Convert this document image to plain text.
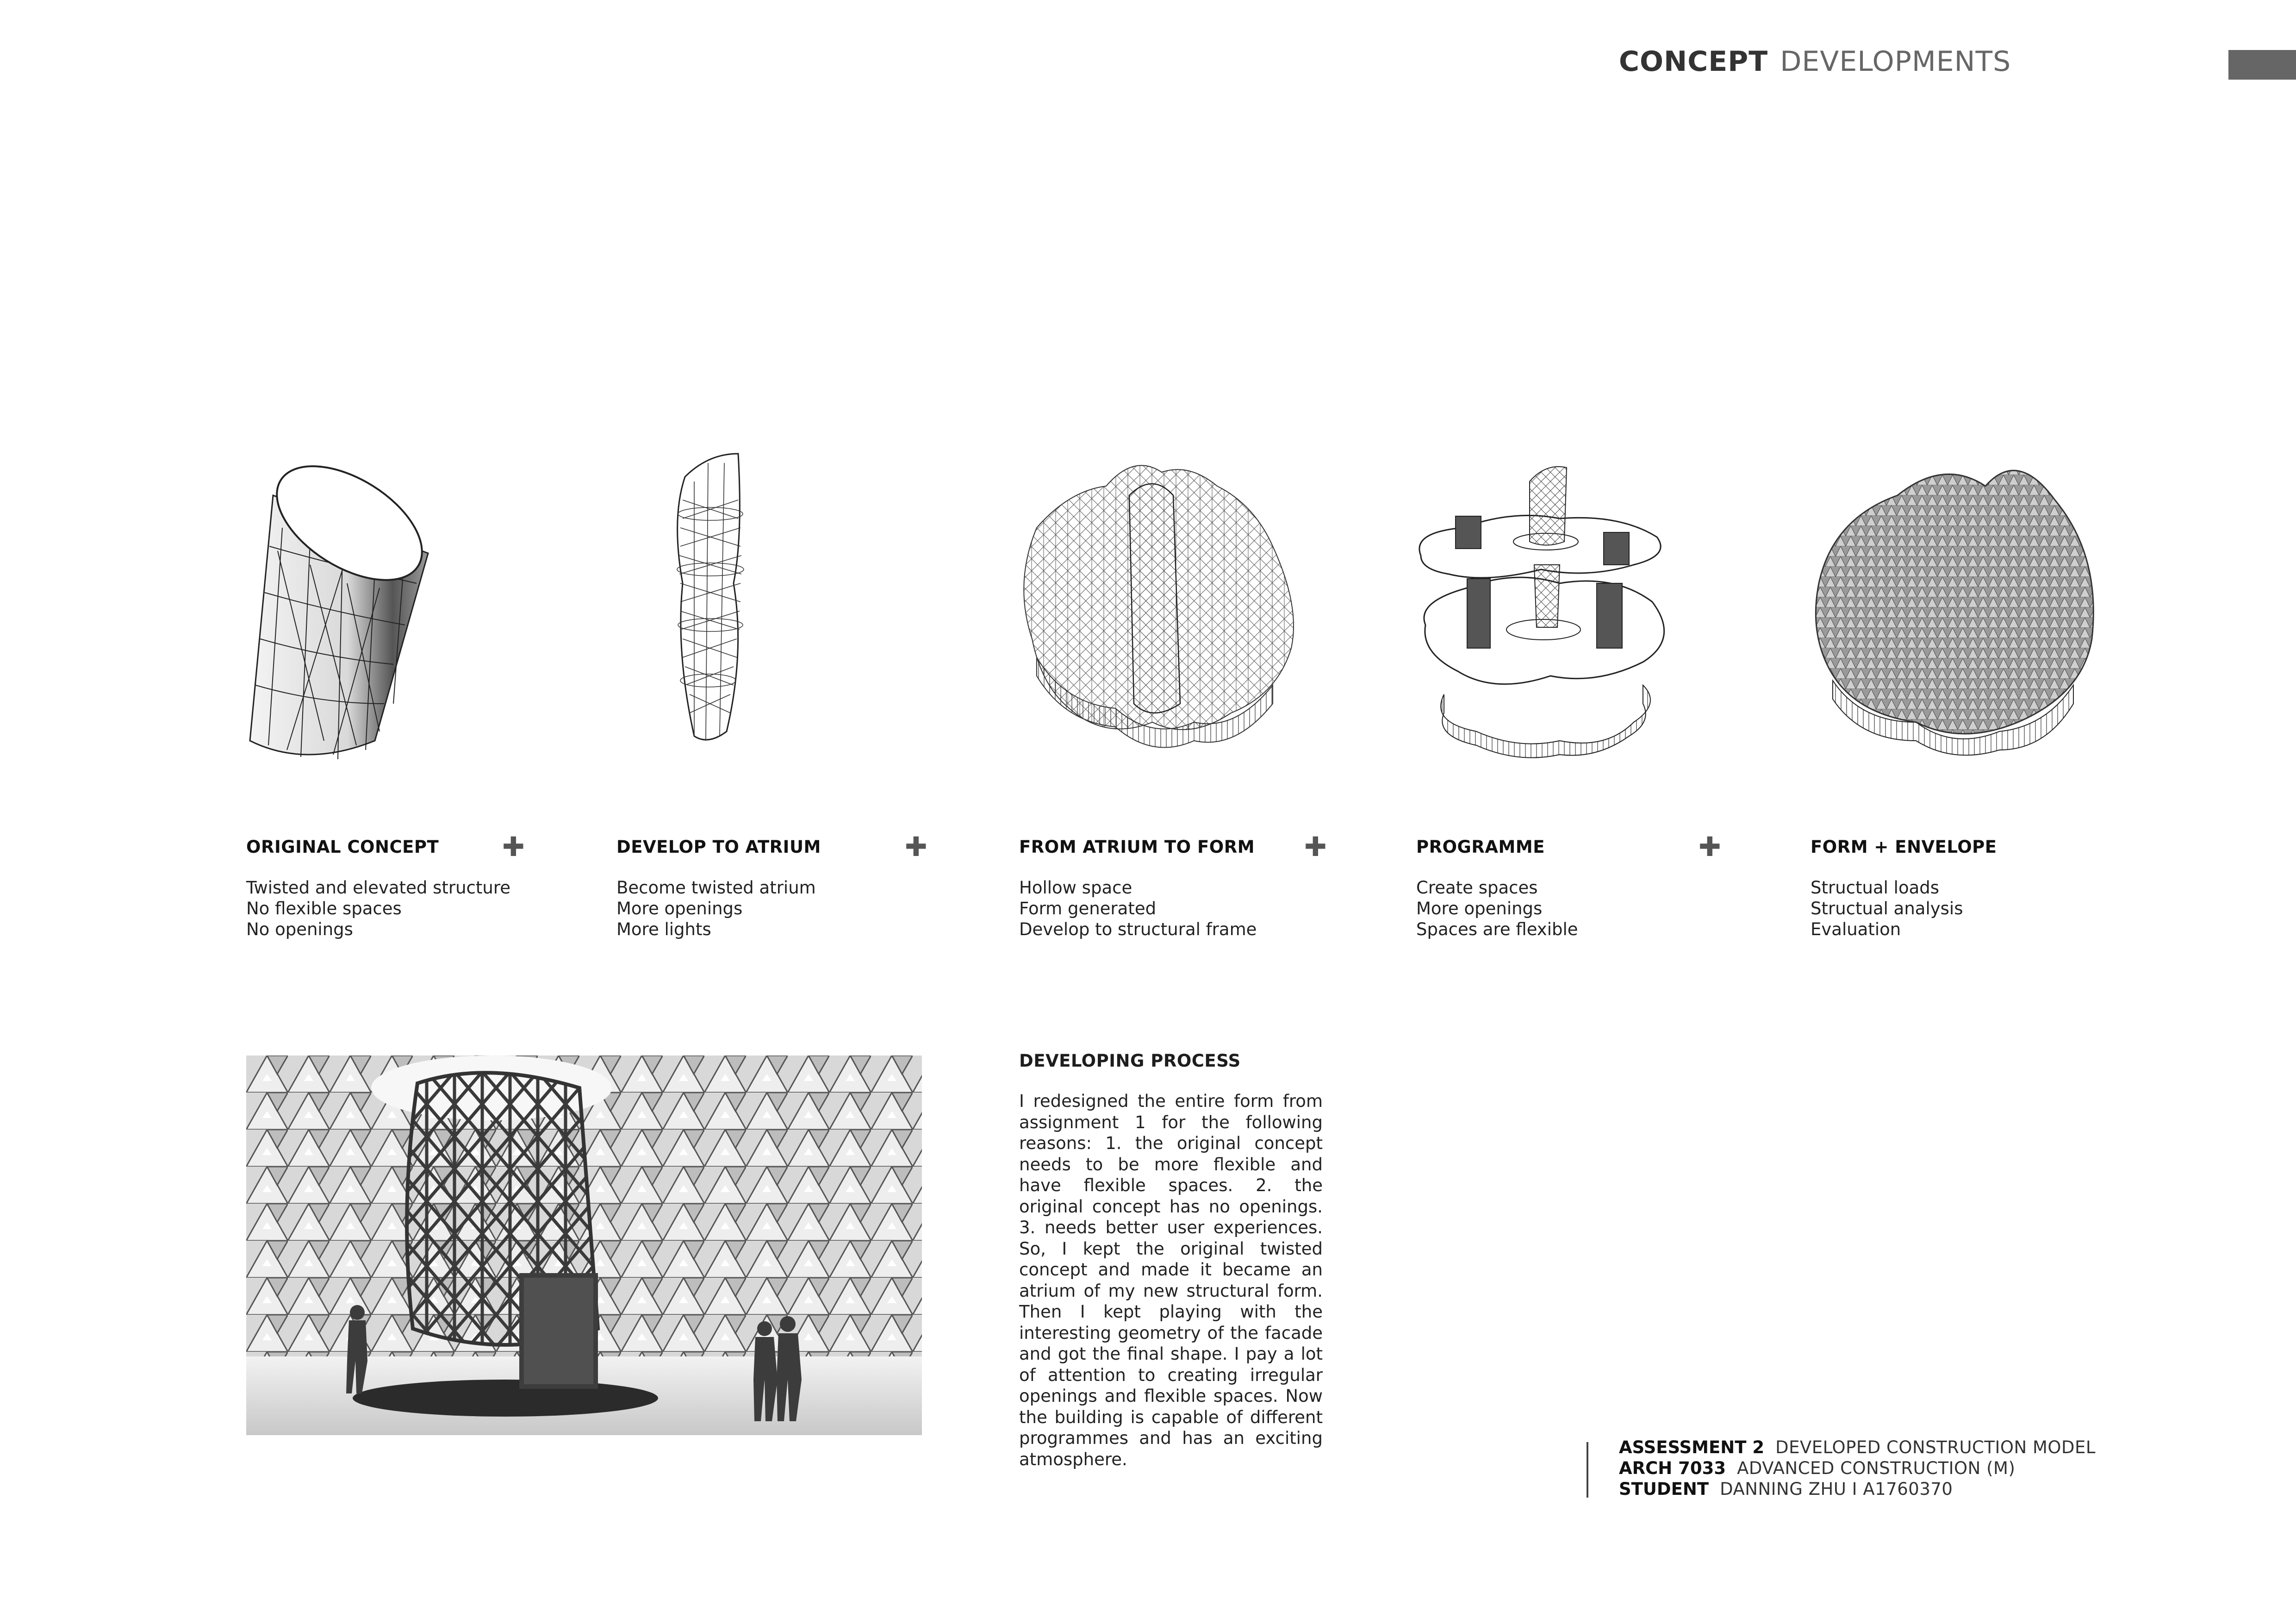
CONCEPT DEVELOPMENTS
ORIGINAL CONCEPT
Twisted and elevated structure
No flexible spaces
No openings
✚	DEVELOP TO ATRIUM
Become twisted atrium
More openings
More lights
✚	FROM ATRIUM TO FORM
Hollow space
Form generated
Develop to structural frame
✚	PROGRAMME
Create spaces
More openings
Spaces are flexible
✚	FORM + ENVELOPE
Structual loads
Structual analysis
Evaluation
DEVELOPING PROCESS
I redesigned the entire form from assignment 1 for the following reasons: 1. the original concept needs to be more flexible and have flexible spaces. 2. the original concept has no openings. 3. needs better user experiences. So, I kept the original twisted concept and made it became an atrium of my new structural form. Then I kept playing with the interesting geometry of the facade and got the final shape. I pay a lot of attention to creating irregular openings and flexible spaces. Now the building is capable of different programmes and has an exciting atmosphere.
ASSESSMENT 2 DEVELOPED CONSTRUCTION MODEL
ARCH 7033 ADVANCED CONSTRUCTION (M)
STUDENT DANNING ZHU I A1760370
